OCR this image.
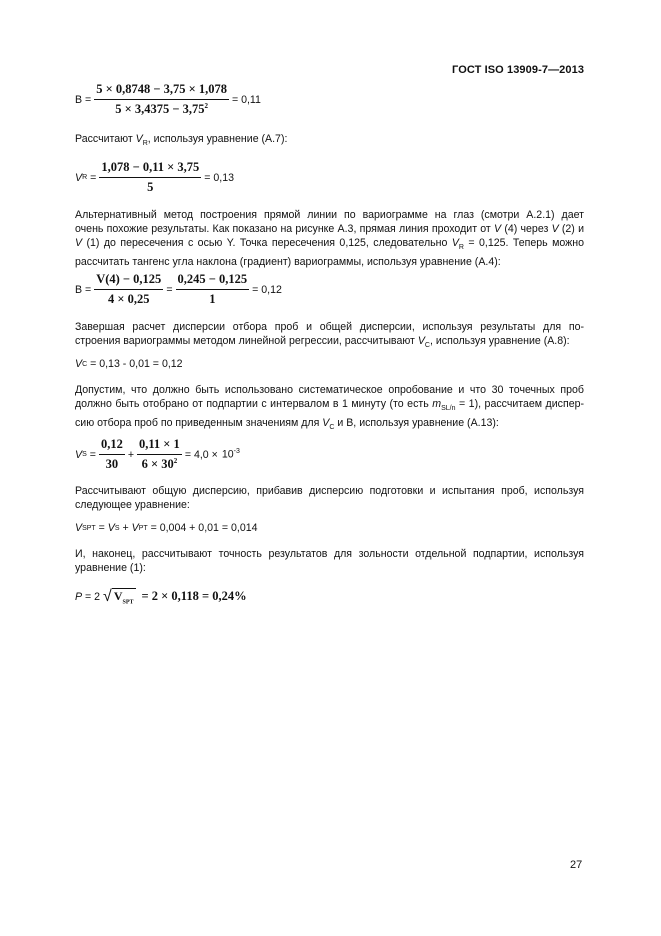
ГОСТ ISO 13909-7—2013
$B = \frac{5 \times 0,8748 - 3,75 \times 1,078}{5 \times 3,4375 - 3,75^2} = 0,11$
Рассчитают $V_R$, используя уравнение (А.7):
V $R = \frac{1,078 - 0,11 \times 3,75}{5} = 0,13$
Альтернативный метод построения прямой линии по вариограмме на глаз (смотри А.2.1) дает
очень похожие результаты. Как показано на рисунке А.3, прямая линия проходит от V (4) через V (2) и
V (1) до пересечения с осью Y. Точка пересечения 0,125, следовательно $V_R = 0,125$. Теперь можно
рассчитать тангенс угла наклона (градиент) вариограммы, используя уравнение (А.4):
$B = \frac{V(4) - 0,125}{4 \times 0,25} = \frac{0,245 - 0,125}{1} = 0,12$
Завершая расчет дисперсии отбора проб и общей дисперсии, используя результаты для по-
строения вариограммы методом линейной регрессии, рассчитывают $V_C$, используя уравнение (А.8):
V C = 0,13 - 0,01 = 0,12
Допустим, что должно быть использовано систематическое опробование и что 30 точечных проб
должно быть отобрано от подпартии с интервалом в 1 минуту (то есть $m_{SL/n} = 1$), рассчитаем диспер-
сию отбора проб по приведенным значениям для $V_C$ и B, используя уравнение (А.13):
V $S = \frac{0,12}{30} + \frac{0,11 \times 1}{6 \times 30^2} = 4,0 \times 10^{-3}$
Рассчитывают общую дисперсию, прибавив дисперсию подготовки и испытания проб, используя
следующее уравнение:
V SPT = V S + V PT = 0,004 + 0,01 = 0,014
И, наконец, рассчитывают точность результатов для зольности отдельной подпартии, используя
уравнение (1):
P = 2 √ $V_{SPT} = 2 \times 0,118 = 0,24\%$
27
